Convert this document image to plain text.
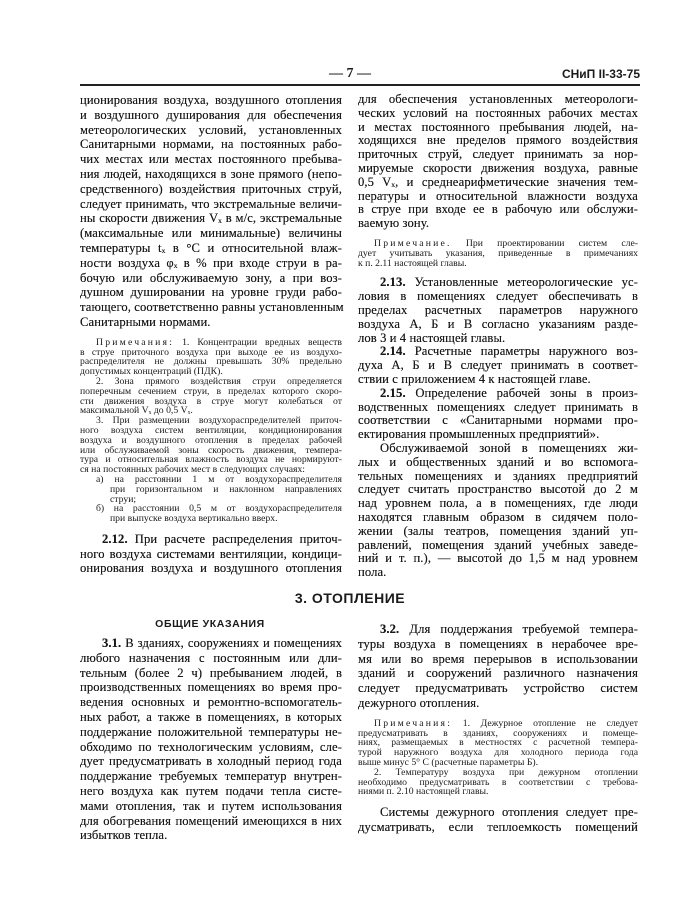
— 7 —	СНиП II-33-75
ционирования воздуха, воздушного отопления
и воздушного душирования для обеспечения
метеорологических условий, установленных
Санитарными нормами, на постоянных рабо-
чих местах или местах постоянного пребыва-
ния людей, находящихся в зоне прямого (непо-
средственного) воздействия приточных струй,
следует принимать, что экстремальные величи-
ны скорости движения Vₓ в м/с, экстремальные
(максимальные или минимальные) величины
температуры tₓ в °С и относительной влаж-
ности воздуха φₓ в % при входе струи в ра-
бочую или обслуживаемую зону, а при воз-
душном душировании на уровне груди рабо-
тающего, соответственно равны установленным
Санитарными нормами.
Примечания: 1. Концентрации вредных веществ
в струе приточного воздуха при выходе ее из воздухо-
распределителя не должны превышать 30% предельно
допустимых концентраций (ПДК).
2. Зона прямого воздействия струи определяется
поперечным сечением струи, в пределах которого скоро-
сти движения воздуха в струе могут колебаться от
максимальной Vₓ до 0,5 Vₓ.
3. При размещении воздухораспределителей приточ-
ного воздуха систем вентиляции, кондиционирования
воздуха и воздушного отопления в пределах рабочей
или обслуживаемой зоны скорость движения, темпера-
тура и относительная влажность воздуха не нормируют-
ся на постоянных рабочих мест в следующих случаях:
а) на расстоянии 1 м от воздухораспределителя
при горизонтальном и наклонном направлениях
струи;
б) на расстоянии 0,5 м от воздухораспределителя
при выпуске воздуха вертикально вверх.
2.12. При расчете распределения приточ-
ного воздуха системами вентиляции, кондици-
онирования воздуха и воздушного отопления
для обеспечения установленных метеорологи-
ческих условий на постоянных рабочих местах
и местах постоянного пребывания людей, на-
ходящихся вне пределов прямого воздействия
приточных струй, следует принимать за нор-
мируемые скорости движения воздуха, равные
0,5 Vₓ, и среднеарифметические значения тем-
пературы и относительной влажности воздуха
в струе при входе ее в рабочую или обслужи-
ваемую зону.
Примечание. При проектировании систем сле-
дует учитывать указания, приведенные в примечаниях
к п. 2.11 настоящей главы.
2.13. Установленные метеорологические ус-
ловия в помещениях следует обеспечивать в
пределах расчетных параметров наружного
воздуха А, Б и В согласно указаниям разде-
лов 3 и 4 настоящей главы.
2.14. Расчетные параметры наружного воз-
духа А, Б и В следует принимать в соответ-
ствии с приложением 4 к настоящей главе.
2.15. Определение рабочей зоны в произ-
водственных помещениях следует принимать в
соответствии с «Санитарными нормами про-
ектирования промышленных предприятий».
Обслуживаемой зоной в помещениях жи-
лых и общественных зданий и во вспомога-
тельных помещениях и зданиях предприятий
следует считать пространство высотой до 2 м
над уровнем пола, а в помещениях, где люди
находятся главным образом в сидячем поло-
жении (залы театров, помещения зданий уп-
равлений, помещения зданий учебных заведе-
ний и т. п.), — высотой до 1,5 м над уровнем
пола.
3. ОТОПЛЕНИЕ
ОБЩИЕ УКАЗАНИЯ
3.1. В зданиях, сооружениях и помещениях
любого назначения с постоянным или дли-
тельным (более 2 ч) пребыванием людей, в
производственных помещениях во время про-
ведения основных и ремонтно-вспомогатель-
ных работ, а также в помещениях, в которых
поддержание положительной температуры не-
обходимо по технологическим условиям, сле-
дует предусматривать в холодный период года
поддержание требуемых температур внутрен-
него воздуха как путем подачи тепла систе-
мами отопления, так и путем использования
для обогревания помещений имеющихся в них
избытков тепла.
3.2. Для поддержания требуемой темпера-
туры воздуха в помещениях в нерабочее вре-
мя или во время перерывов в использовании
зданий и сооружений различного назначения
следует предусматривать устройство систем
дежурного отопления.
Примечания: 1. Дежурное отопление не следует
предусматривать в зданиях, сооружениях и помеще-
ниях, размещаемых в местностях с расчетной темпера-
турой наружного воздуха для холодного периода года
выше минус 5° С (расчетные параметры Б).
2. Температуру воздуха при дежурном отоплении
необходимо предусматривать в соответствии с требова-
ниями п. 2.10 настоящей главы.
Системы дежурного отопления следует пре-
дусматривать, если теплоемкость помещений
